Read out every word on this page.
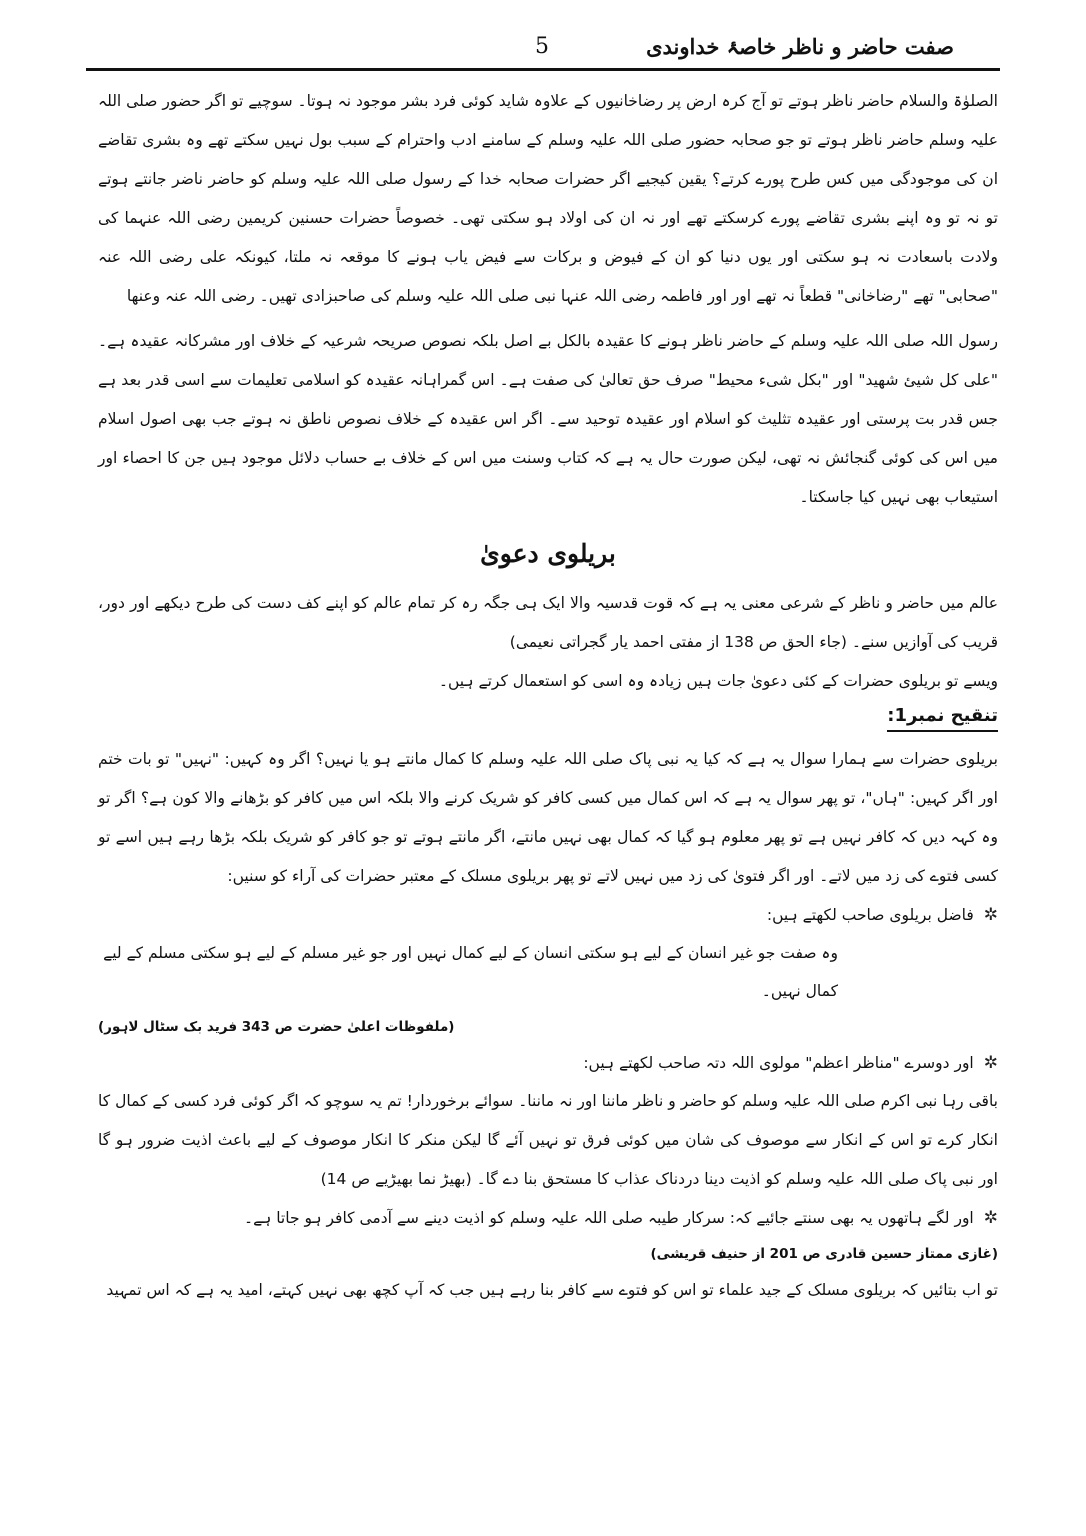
صفت حاضر و ناظر خاصۂ خداوندی
5

الصلوٰۃ والسلام حاضر ناظر ہوتے تو آج کرہ ارض پر رضاخانیوں کے علاوہ شاید کوئی فرد بشر موجود نہ ہوتا۔ سوچیے تو اگر حضور صلی اللہ علیہ وسلم حاضر ناظر ہوتے تو جو صحابہ حضور صلی اللہ علیہ وسلم کے سامنے ادب واحترام کے سبب بول نہیں سکتے تھے وہ بشری تقاضے ان کی موجودگی میں کس طرح پورے کرتے؟ یقین کیجیے اگر حضرات صحابہ خدا کے رسول صلی اللہ علیہ وسلم کو حاضر ناضر جانتے ہوتے تو نہ تو وہ اپنے بشری تقاضے پورے کرسکتے تھے اور نہ ان کی اولاد ہو سکتی تھی۔ خصوصاً حضرات حسنین کریمین رضی اللہ عنہما کی ولادت باسعادت نہ ہو سکتی اور یوں دنیا کو ان کے فیوض و برکات سے فیض یاب ہونے کا موقعہ نہ ملتا، کیونکہ علی رضی اللہ عنہ "صحابی" تھے "رضاخانی" قطعاً نہ تھے اور اور فاطمہ رضی اللہ عنہا نبی صلی اللہ علیہ وسلم کی صاحبزادی تھیں۔ رضی اللہ عنہ وعنھا

رسول اللہ صلی اللہ علیہ وسلم کے حاضر ناظر ہونے کا عقیدہ بالکل بے اصل بلکہ نصوص صریحہ شرعیہ کے خلاف اور مشرکانہ عقیدہ ہے۔ "علی کل شیئ شھید" اور "بکل شیء محیط" صرف حق تعالیٰ کی صفت ہے۔ اس گمراہانہ عقیدہ کو اسلامی تعلیمات سے اسی قدر بعد ہے جس قدر بت پرستی اور عقیدہ تثلیث کو اسلام اور عقیدہ توحید سے۔ اگر اس عقیدہ کے خلاف نصوص ناطق نہ ہوتے جب بھی اصول اسلام میں اس کی کوئی گنجائش نہ تھی، لیکن صورت حال یہ ہے کہ کتاب وسنت میں اس کے خلاف بے حساب دلائل موجود ہیں جن کا احصاء اور استیعاب بھی نہیں کیا جاسکتا۔

بریلوی دعویٰ

عالم میں حاضر و ناظر کے شرعی معنی یہ ہے کہ قوت قدسیہ والا ایک ہی جگہ رہ کر تمام عالم کو اپنے کف دست کی طرح دیکھے اور دور، قریب کی آوازیں سنے۔ (جاء الحق ص 138 از مفتی احمد یار گجراتی نعیمی)

ویسے تو بریلوی حضرات کے کئی دعویٰ جات ہیں زیادہ وہ اسی کو استعمال کرتے ہیں۔

تنقیح نمبر1:

بریلوی حضرات سے ہمارا سوال یہ ہے کہ کیا یہ نبی پاک صلی اللہ علیہ وسلم کا کمال مانتے ہو یا نہیں؟ اگر وہ کہیں: "نہیں" تو بات ختم اور اگر کہیں: "ہاں"، تو پھر سوال یہ ہے کہ اس کمال میں کسی کافر کو شریک کرنے والا بلکہ اس میں کافر کو بڑھانے والا کون ہے؟ اگر تو وہ کہہ دیں کہ کافر نہیں ہے تو پھر معلوم ہو گیا کہ کمال بھی نہیں مانتے، اگر مانتے ہوتے تو جو کافر کو شریک بلکہ بڑھا رہے ہیں اسے تو کسی فتوے کی زد میں لاتے۔ اور اگر فتویٰ کی زد میں نہیں لاتے تو پھر بریلوی مسلک کے معتبر حضرات کی آراء کو سنیں:

✲فاضل بریلوی صاحب لکھتے ہیں:

وہ صفت جو غیر انسان کے لیے ہو سکتی انسان کے لیے کمال نہیں اور جو غیر مسلم کے لیے ہو سکتی مسلم کے لیے کمال نہیں۔

(ملفوظات اعلیٰ حضرت ص 343 فرید بک سٹال لاہور)

✲اور دوسرے "مناظر اعظم" مولوی اللہ دتہ صاحب لکھتے ہیں:

باقی رہا نبی اکرم صلی اللہ علیہ وسلم کو حاضر و ناظر ماننا اور نہ ماننا۔ سوائے برخوردار! تم یہ سوچو کہ اگر کوئی فرد کسی کے کمال کا انکار کرے تو اس کے انکار سے موصوف کی شان میں کوئی فرق تو نہیں آئے گا لیکن منکر کا انکار موصوف کے لیے باعث اذیت ضرور ہو گا اور نبی پاک صلی اللہ علیہ وسلم کو اذیت دینا دردناک عذاب کا مستحق بنا دے گا۔ (بھیڑ نما بھیڑیے ص 14)

✲اور لگے ہاتھوں یہ بھی سنتے جائیے کہ: سرکار طیبہ صلی اللہ علیہ وسلم کو اذیت دینے سے آدمی کافر ہو جاتا ہے۔

(غازی ممتاز حسین قادری ص 201 از حنیف قریشی)

تو اب بتائیں کہ بریلوی مسلک کے جید علماء تو اس کو فتوے سے کافر بنا رہے ہیں جب کہ آپ کچھ بھی نہیں کہتے، امید یہ ہے کہ اس تمہید
